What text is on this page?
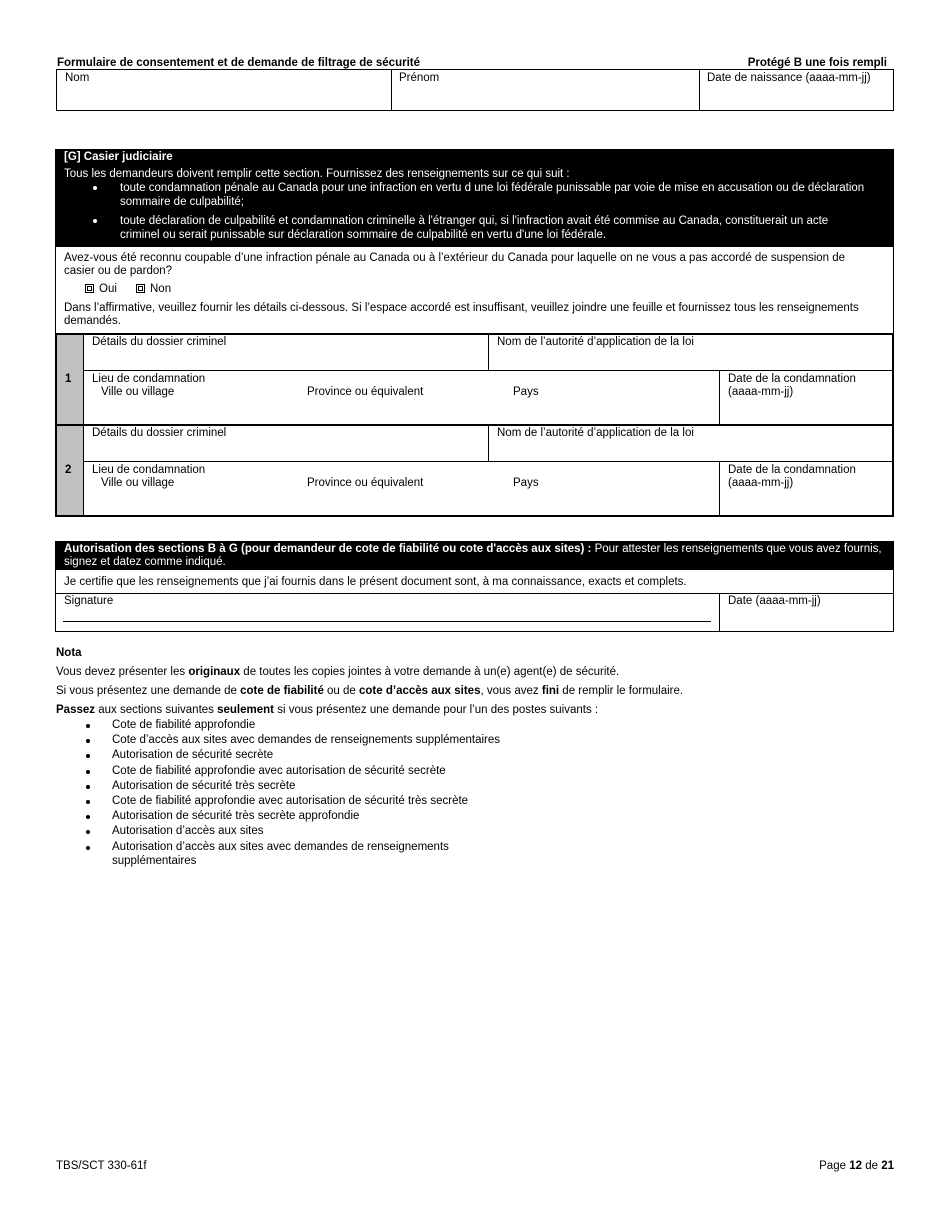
Formulaire de consentement et de demande de filtrage de sécurité	Protégé B une fois rempli
Nom	Prénom	Date de naissance (aaaa-mm-jj)
[G] Casier judiciaire
Tous les demandeurs doivent remplir cette section. Fournissez des renseignements sur ce qui suit :
toute condamnation pénale au Canada pour une infraction en vertu d une loi fédérale punissable par voie de mise en accusation ou de déclaration
sommaire de culpabilité;
toute déclaration de culpabilité et condamnation criminelle à l'étranger qui, si l'infraction avait été commise au Canada, constituerait un acte
criminel ou serait punissable sur déclaration sommaire de culpabilité en vertu d'une loi fédérale.
Avez-vous été reconnu coupable d’une infraction pénale au Canada ou à l’extérieur du Canada pour laquelle on ne vous a pas accordé de suspension de
casier ou de pardon?
Oui	Non
Dans l’affirmative, veuillez fournir les détails ci-dessous. Si l’espace accordé est insuffisant, veuillez joindre une feuille et fournissez tous les renseignements
demandés.
1
Détails du dossier criminel	Nom de l’autorité d’application de la loi
Lieu de condamnation
Ville ou village	Province ou équivalent	Pays
Date de la condamnation
(aaaa-mm-jj)
2
Détails du dossier criminel	Nom de l’autorité d’application de la loi
Lieu de condamnation
Ville ou village	Province ou équivalent	Pays
Date de la condamnation
(aaaa-mm-jj)
Autorisation des sections B à G (pour demandeur de cote de fiabilité ou cote d'accès aux sites) : Pour attester les renseignements que vous avez fournis,
signez et datez comme indiqué.
Je certifie que les renseignements que j’ai fournis dans le présent document sont, à ma connaissance, exacts et complets.
Signature	Date (aaaa-mm-jj)
Nota
Vous devez présenter les originaux de toutes les copies jointes à votre demande à un(e) agent(e) de sécurité.
Si vous présentez une demande de cote de fiabilité ou de cote d’accès aux sites, vous avez fini de remplir le formulaire.
Passez aux sections suivantes seulement si vous présentez une demande pour l’un des postes suivants :
Cote de fiabilité approfondie
Cote d’accès aux sites avec demandes de renseignements supplémentaires
Autorisation de sécurité secrète
Cote de fiabilité approfondie avec autorisation de sécurité secrète
Autorisation de sécurité très secrète
Cote de fiabilité approfondie avec autorisation de sécurité très secrète
Autorisation de sécurité très secrète approfondie
Autorisation d’accès aux sites
Autorisation d’accès aux sites avec demandes de renseignements
supplémentaires
TBS/SCT 330-61f	Page 12 de 21
